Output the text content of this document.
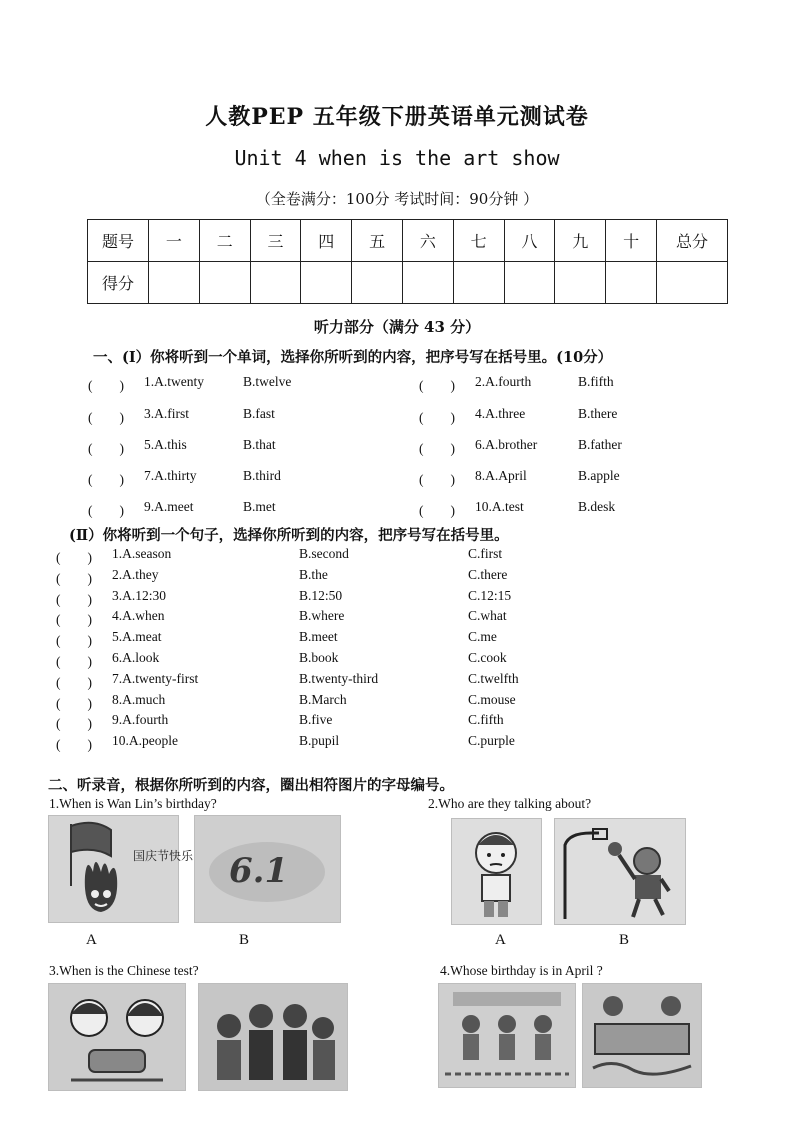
人教PEP 五年级下册英语单元测试卷
Unit 4 when is the art show
（全卷满分：100分 考试时间：90分钟 ）
题号	一	二	三	四	五	六	七	八	九	十	总分
得分											
听力部分（满分 43 分）
一、(Ⅰ）你将听到一个单词，选择你所听到的内容，把序号写在括号里。(10分）
(　　) 1.A.twenty	B.twelve	(　　) 2.A.fourth	B.fifth
(　　) 3.A.first	B.fast	(　　) 4.A.three	B.there
(　　) 5.A.this	B.that	(　　) 6.A.brother	B.father
(　　) 7.A.thirty	B.third	(　　) 8.A.April	B.apple
(　　) 9.A.meet	B.met	(　　) 10.A.test	B.desk
(Ⅱ）你将听到一个句子，选择你所听到的内容，把序号写在括号里。
(　　) 1.A.season	B.second	C.first
(　　) 2.A.they	B.the	C.there
(　　) 3.A.12:30	B.12:50	C.12:15
(　　) 4.A.when	B.where	C.what
(　　) 5.A.meat	B.meet	C.me
(　　) 6.A.look	B.book	C.cook
(　　) 7.A.twenty-first	B.twenty-third	C.twelfth
(　　) 8.A.much	B.March	C.mouse
(　　) 9.A.fourth	B.five	C.fifth
(　　) 10.A.people	B.pupil	C.purple
二、听录音，根据你所听到的内容，圈出相符图片的字母编号。
1.When is Wan Lin’s birthday?	2.Who are they talking about?
国庆节快乐 6.1
A	B	A	B
3.When is the Chinese test?	4.Whose birthday is in April ?
